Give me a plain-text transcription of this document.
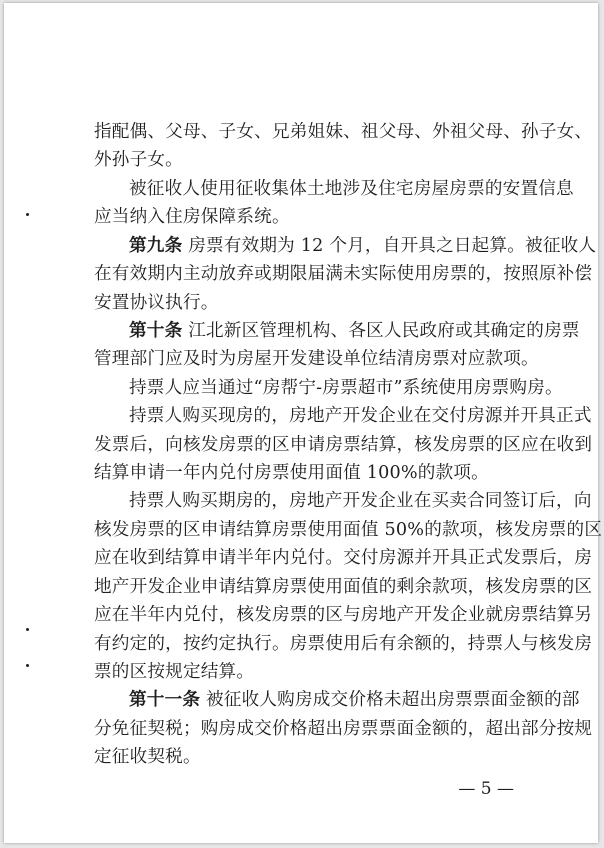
指配偶、父母、子女、兄弟姐妹、祖父母、外祖父母、孙子女、
外孙子女。
被征收人使用征收集体土地涉及住宅房屋房票的安置信息
应当纳入住房保障系统。
第九条 房票有效期为 12 个月，自开具之日起算。被征收人
在有效期内主动放弃或期限届满未实际使用房票的，按照原补偿
安置协议执行。
第十条 江北新区管理机构、各区人民政府或其确定的房票
管理部门应及时为房屋开发建设单位结清房票对应款项。
持票人应当通过“房帮宁-房票超市”系统使用房票购房。
持票人购买现房的，房地产开发企业在交付房源并开具正式
发票后，向核发房票的区申请房票结算，核发房票的区应在收到
结算申请一年内兑付房票使用面值 100%的款项。
持票人购买期房的，房地产开发企业在买卖合同签订后，向
核发房票的区申请结算房票使用面值 50%的款项，核发房票的区
应在收到结算申请半年内兑付。交付房源并开具正式发票后，房
地产开发企业申请结算房票使用面值的剩余款项，核发房票的区
应在半年内兑付，核发房票的区与房地产开发企业就房票结算另
有约定的，按约定执行。房票使用后有余额的，持票人与核发房
票的区按规定结算。
第十一条 被征收人购房成交价格未超出房票票面金额的部
分免征契税；购房成交价格超出房票票面金额的，超出部分按规
定征收契税。
— 5 —
